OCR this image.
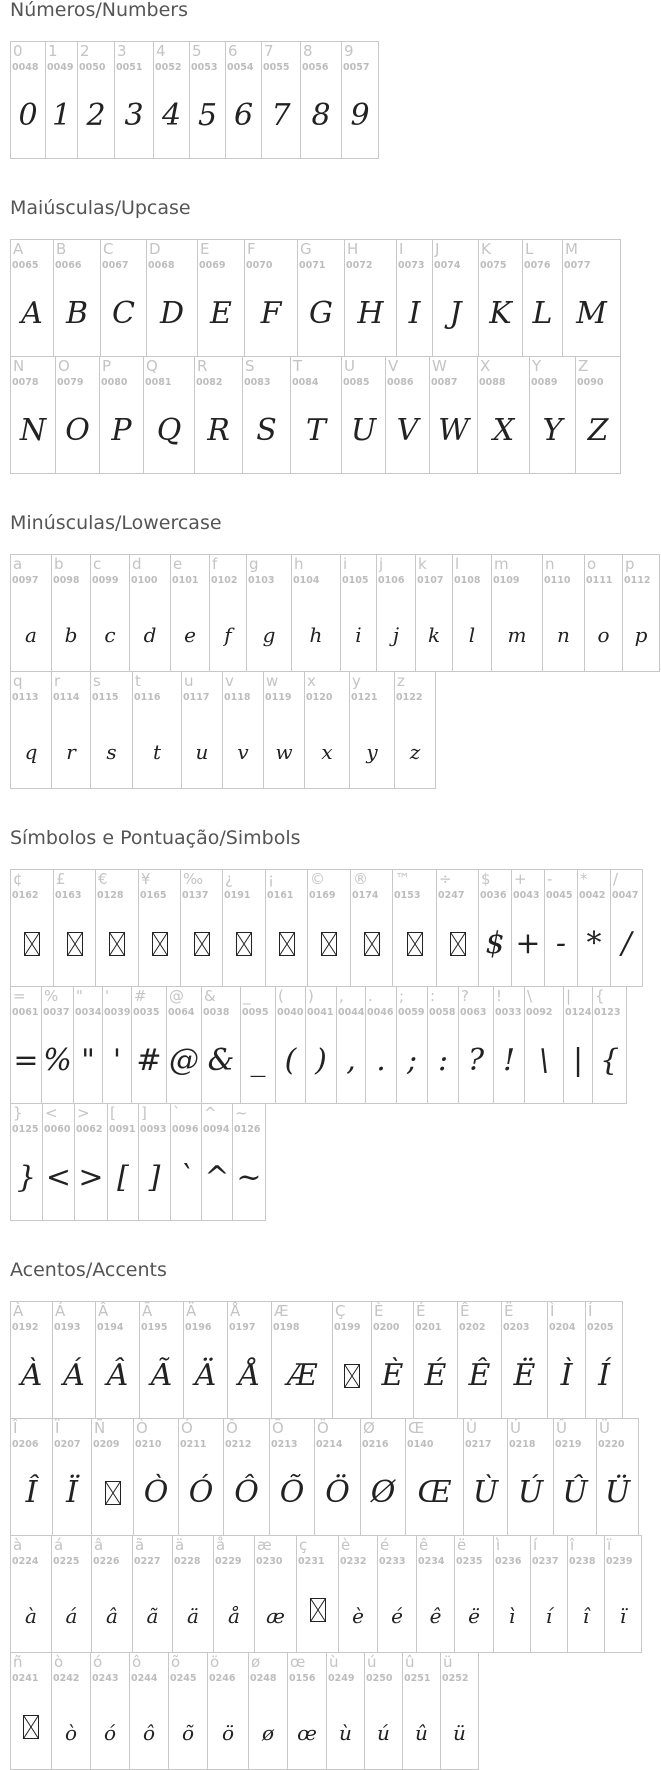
Números/Numbers
0
0048
0
1
0049
1
2
0050
2
3
0051
3
4
0052
4
5
0053
5
6
0054
6
7
0055
7
8
0056
8
9
0057
9
Maiúsculas/Upcase
A
0065
A
B
0066
B
C
0067
C
D
0068
D
E
0069
E
F
0070
F
G
0071
G
H
0072
H
I
0073
I
J
0074
J
K
0075
K
L
0076
L
M
0077
M
N
0078
N
O
0079
O
P
0080
P
Q
0081
Q
R
0082
R
S
0083
S
T
0084
T
U
0085
U
V
0086
V
W
0087
W
X
0088
X
Y
0089
Y
Z
0090
Z
Minúsculas/Lowercase
a
0097
a
b
0098
b
c
0099
c
d
0100
d
e
0101
e
f
0102
f
g
0103
g
h
0104
h
i
0105
i
j
0106
j
k
0107
k
l
0108
l
m
0109
m
n
0110
n
o
0111
o
p
0112
p
q
0113
q
r
0114
r
s
0115
s
t
0116
t
u
0117
u
v
0118
v
w
0119
w
x
0120
x
y
0121
y
z
0122
z
Símbolos e Pontuação/Simbols
¢
0162
£
0163
€
0128
¥
0165
‰
0137
¿
0191
¡
0161
©
0169
®
0174
™
0153
÷
0247
$
0036
$
+
0043
+
-
0045
-
*
0042
*
/
0047
/
=
0061
=
%
0037
%
"
0034
"
'
0039
'
#
0035
#
@
0064
@
&
0038
&
_
0095
_
(
0040
(
)
0041
)
,
0044
,
.
0046
.
;
0059
;
:
0058
:
?
0063
?
!
0033
!
\
0092
\
|
0124
|
{
0123
{
}
0125
}
<
0060
<
>
0062
>
[
0091
[
]
0093
]
`
0096
`
^
0094
^
~
0126
~
Acentos/Accents
À
0192
À
Á
0193
Á
Â
0194
Â
Ã
0195
Ã
Ä
0196
Ä
Å
0197
Å
Æ
0198
Æ
Ç
0199
È
0200
È
É
0201
É
Ê
0202
Ê
Ë
0203
Ë
Ì
0204
Ì
Í
0205
Í
Î
0206
Î
Ï
0207
Ï
Ñ
0209
Ò
0210
Ò
Ó
0211
Ó
Ô
0212
Ô
Õ
0213
Õ
Ö
0214
Ö
Ø
0216
Ø
Œ
0140
Œ
Ù
0217
Ù
Ú
0218
Ú
Û
0219
Û
Ü
0220
Ü
à
0224
à
á
0225
á
â
0226
â
ã
0227
ã
ä
0228
ä
å
0229
å
æ
0230
æ
ç
0231
è
0232
è
é
0233
é
ê
0234
ê
ë
0235
ë
ì
0236
ì
í
0237
í
î
0238
î
ï
0239
ï
ñ
0241
ò
0242
ò
ó
0243
ó
ô
0244
ô
õ
0245
õ
ö
0246
ö
ø
0248
ø
œ
0156
œ
ù
0249
ù
ú
0250
ú
û
0251
û
ü
0252
ü
